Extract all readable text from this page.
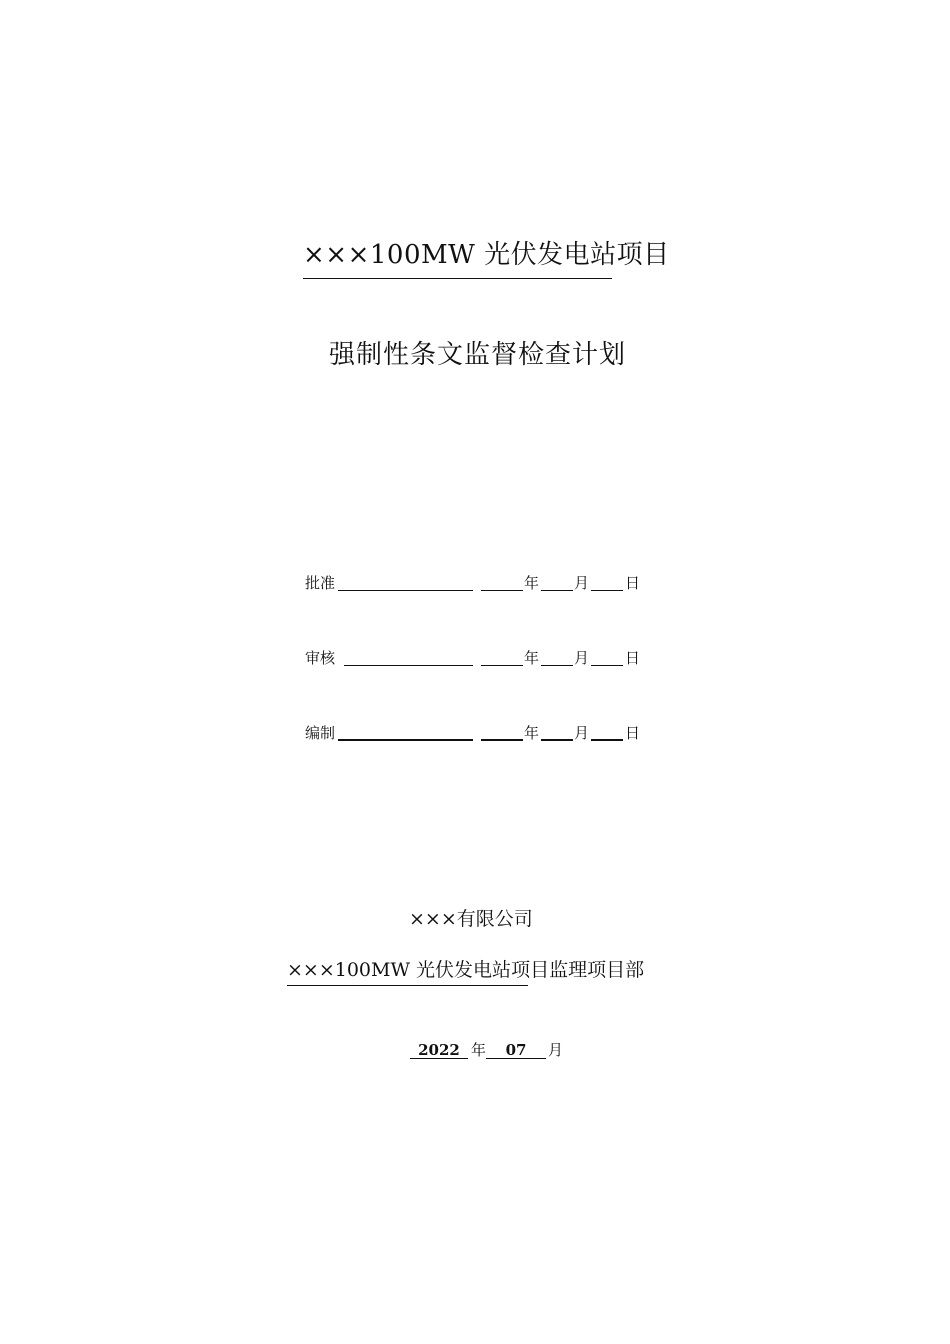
×××100MW 光伏发电站项目
强制性条文监督检查计划
批准	年 月 日
审核	年 月 日
编制	年 月 日
×××有限公司
×××100MW 光伏发电站项目监理项目部
2022 年	07	月
